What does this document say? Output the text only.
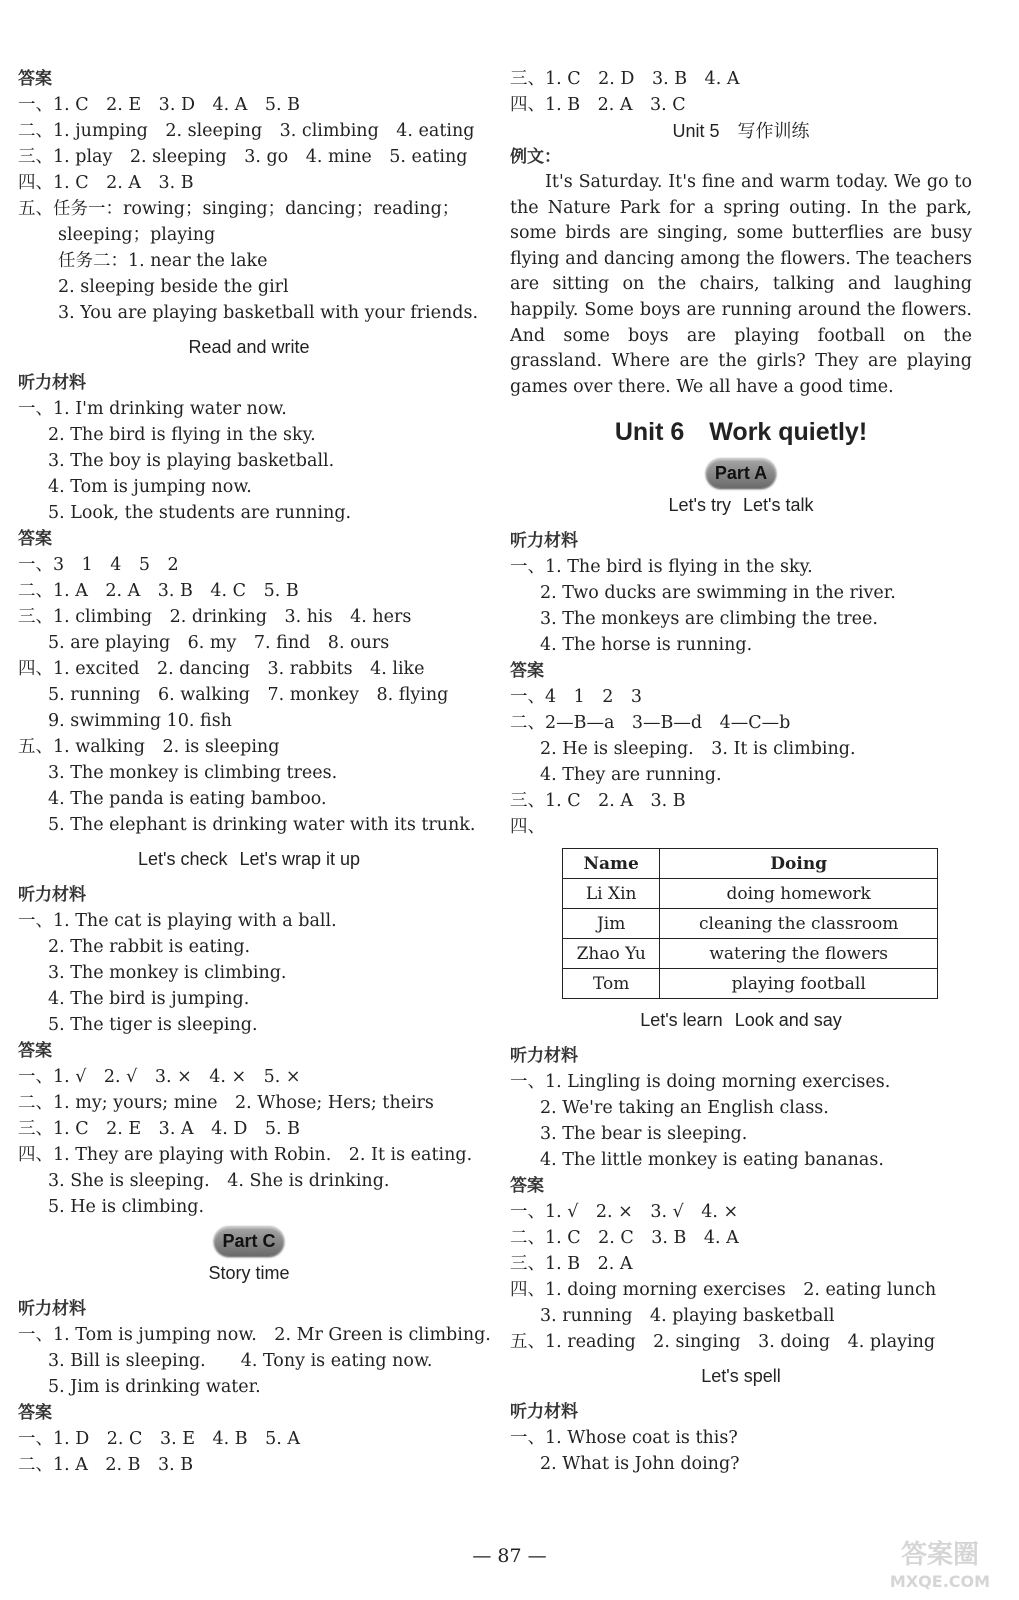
答案
一、1. C　2. E　3. D　4. A　5. B
二、1. jumping　2. sleeping　3. climbing　4. eating
三、1. play　2. sleeping　3. go　4. mine　5. eating
四、1. C　2. A　3. B
五、任务一：rowing；singing；dancing；reading；
sleeping；playing
任务二：1. near the lake
2. sleeping beside the girl
3. You are playing basketball with your friends.
Read and write
听力材料
一、1. I'm drinking water now.
2. The bird is flying in the sky.
3. The boy is playing basketball.
4. Tom is jumping now.
5. Look, the students are running.
答案
一、3　1　4　5　2
二、1. A　2. A　3. B　4. C　5. B
三、1. climbing　2. drinking　3. his　4. hers
5. are playing　6. my　7. find　8. ours
四、1. excited　2. dancing　3. rabbits　4. like
5. running　6. walking　7. monkey　8. flying
9. swimming 10. fish
五、1. walking　2. is sleeping
3. The monkey is climbing trees.
4. The panda is eating bamboo.
5. The elephant is drinking water with its trunk.
Let's check Let's wrap it up
听力材料
一、1. The cat is playing with a ball.
2. The rabbit is eating.
3. The monkey is climbing.
4. The bird is jumping.
5. The tiger is sleeping.
答案
一、1. √　2. √　3. ×　4. ×　5. ×
二、1. my; yours; mine　2. Whose; Hers; theirs
三、1. C　2. E　3. A　4. D　5. B
四、1. They are playing with Robin.　2. It is eating.
3. She is sleeping.　4. She is drinking.
5. He is climbing.
Part C
Story time
听力材料
一、1. Tom is jumping now.　2. Mr Green is climbing.
3. Bill is sleeping.　　4. Tony is eating now.
5. Jim is drinking water.
答案
一、1. D　2. C　3. E　4. B　5. A
二、1. A　2. B　3. B
三、1. C　2. D　3. B　4. A
四、1. B　2. A　3. C
Unit 5　写作训练
例文：
It's Saturday. It's fine and warm today. We go to the Nature Park for a spring outing. In the park, some birds are singing, some butterflies are busy flying and dancing among the flowers. The teachers are sitting on the chairs, talking and laughing happily. Some boys are running around the flowers. And some boys are playing football on the grassland. Where are the girls? They are playing games over there. We all have a good time.
Unit 6　Work quietly!
Part A
Let's try Let's talk
听力材料
一、1. The bird is flying in the sky.
2. Two ducks are swimming in the river.
3. The monkeys are climbing the tree.
4. The horse is running.
答案
一、4　1　2　3
二、2—B—a　3—B—d　4—C—b
2. He is sleeping.　3. It is climbing.
4. They are running.
三、1. C　2. A　3. B
四、
Name	Doing
Li Xin	doing homework
Jim	cleaning the classroom
Zhao Yu	watering the flowers
Tom	playing football
Let's learn Look and say
听力材料
一、1. Lingling is doing morning exercises.
2. We're taking an English class.
3. The bear is sleeping.
4. The little monkey is eating bananas.
答案
一、1. √　2. ×　3. √　4. ×
二、1. C　2. C　3. B　4. A
三、1. B　2. A
四、1. doing morning exercises　2. eating lunch
3. running　4. playing basketball
五、1. reading　2. singing　3. doing　4. playing
Let's spell
听力材料
一、1. Whose coat is this?
2. What is John doing?
— 87 —	答案圈
MXQE.COM
